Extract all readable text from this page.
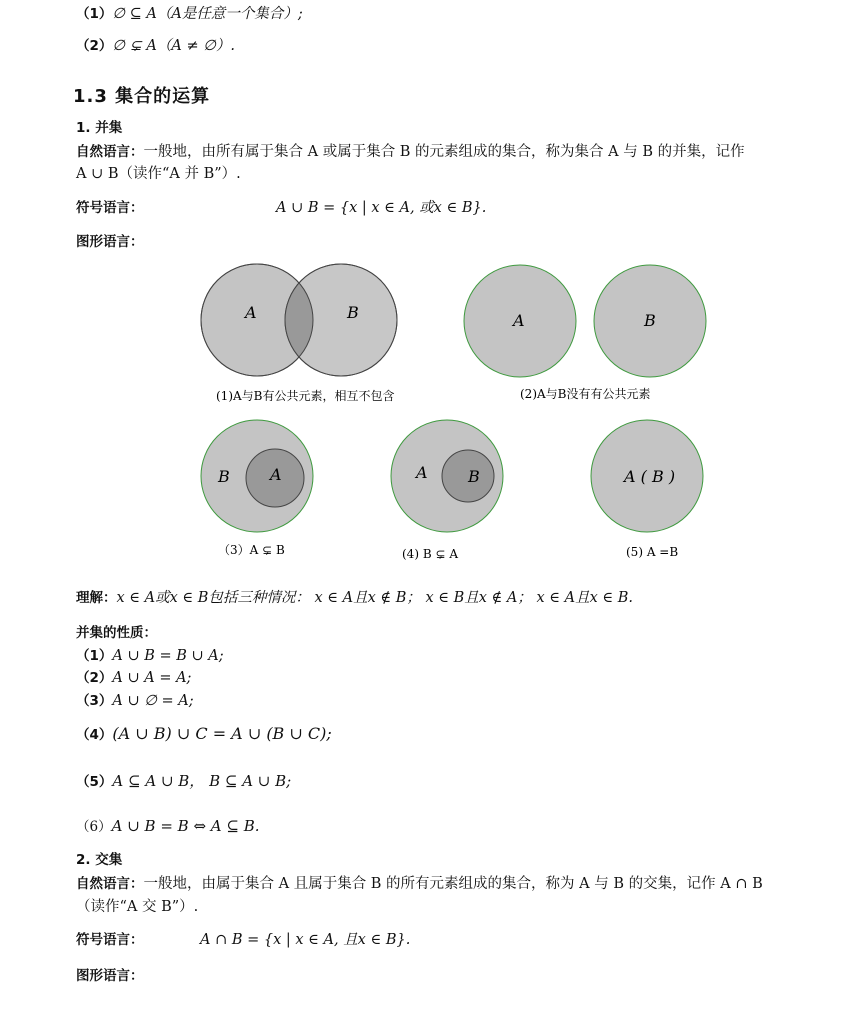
（1）∅ ⊆ A（A是任意一个集合）;
（2）∅ ⊊ A（A ≠ ∅）.
1.3 集合的运算
1. 并集
自然语言：一般地，由所有属于集合 A 或属于集合 B 的元素组成的集合，称为集合 A 与 B 的并集，记作
A ∪ B（读作“A 并 B”）.
符号语言：	A ∪ B = {x | x ∈ A, 或x ∈ B}.
图形语言：
A	B
(1)A与B有公共元素，相互不包含
A	B
(2)A与B没有有公共元素
B	A
（3）A ⊊ B
A	B
(4) B ⊊ A
A ( B )
(5) A =B
理解：x ∈ A或x ∈ B包括三种情况： x ∈ A且x ∉ B； x ∈ B且x ∉ A； x ∈ A且x ∈ B.
并集的性质：
（1）A ∪ B = B ∪ A;
（2）A ∪ A = A;
（3）A ∪ ∅ = A;
（4）(A ∪ B) ∪ C = A ∪ (B ∪ C);
（5）A ⊆ A ∪ B， B ⊆ A ∪ B;
（6）A ∪ B = B ⇔ A ⊆ B.
2. 交集
自然语言：一般地，由属于集合 A 且属于集合 B 的所有元素组成的集合，称为 A 与 B 的交集，记作 A ∩ B
（读作“A 交 B”）.
符号语言：	A ∩ B = {x | x ∈ A, 且x ∈ B}.
图形语言：
